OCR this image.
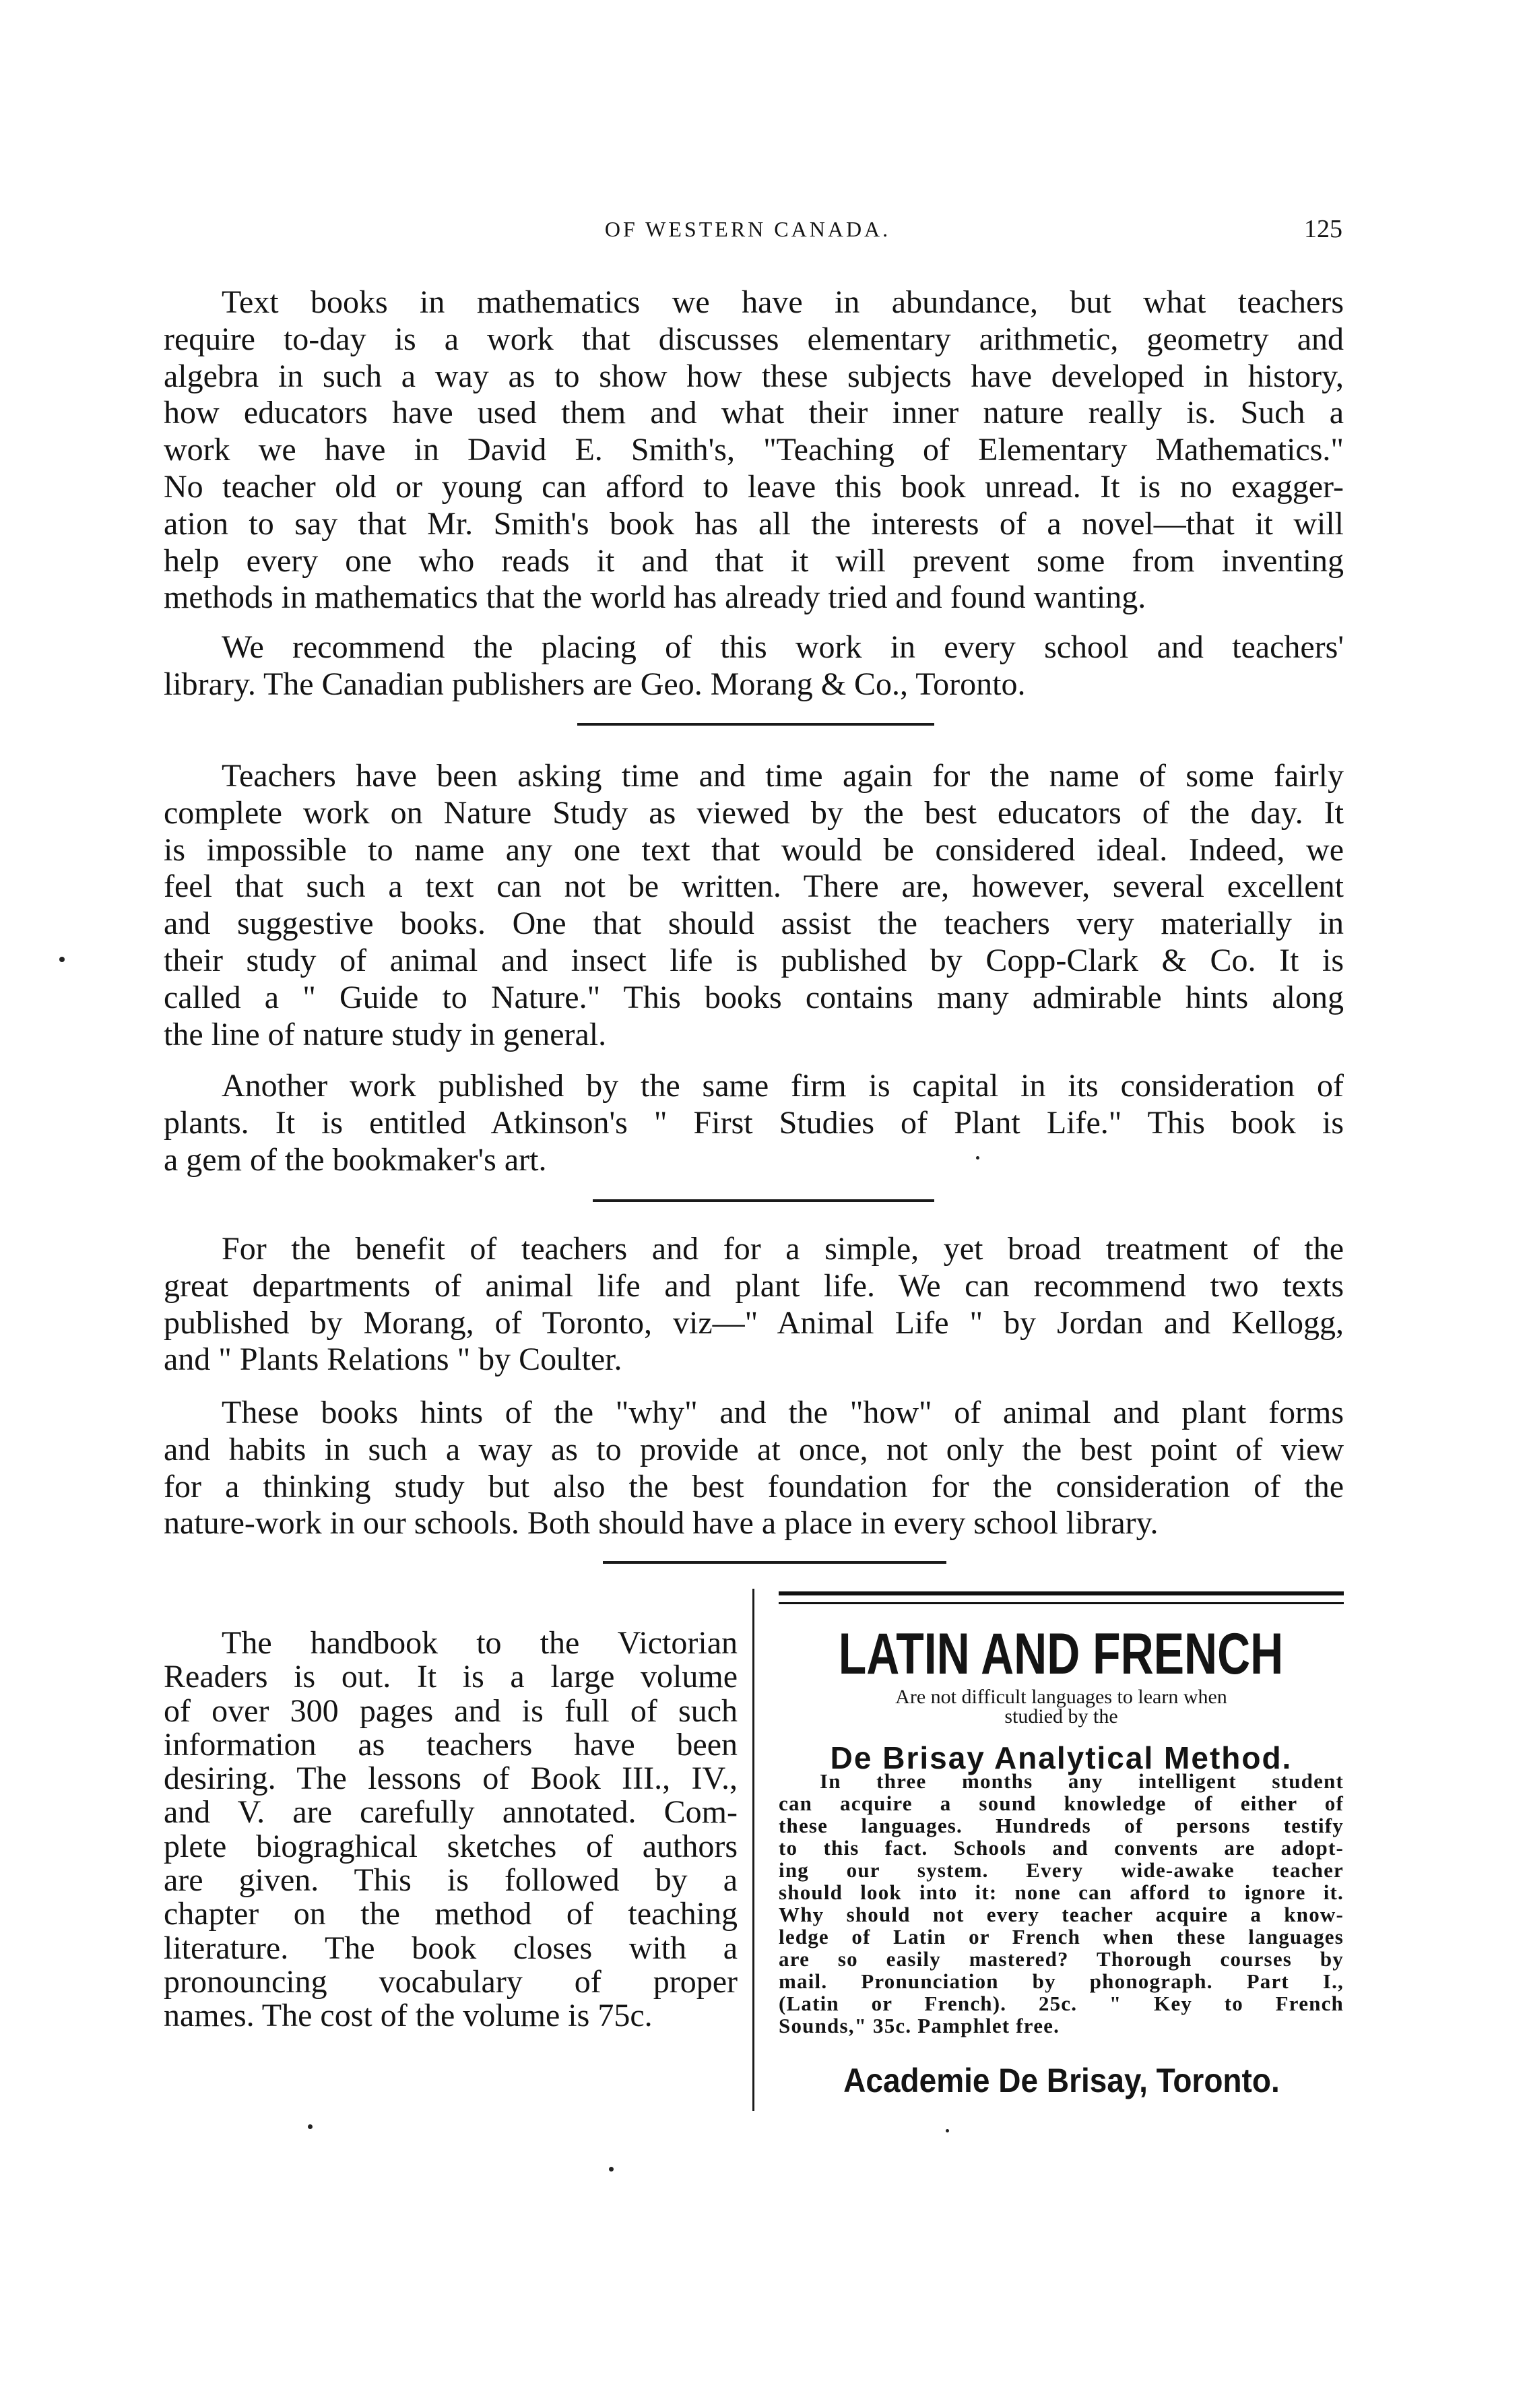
OF WESTERN CANADA.	125
Text books in mathematics we have in abundance, but what teachers
require to-day is a work that discusses elementary arithmetic, geometry and
algebra in such a way as to show how these subjects have developed in history,
how educators have used them and what their inner nature really is. Such a
work we have in David E. Smith's, "Teaching of Elementary Mathematics."
No teacher old or young can afford to leave this book unread. It is no exagger-
ation to say that Mr. Smith's book has all the interests of a novel—that it will
help every one who reads it and that it will prevent some from inventing
methods in mathematics that the world has already tried and found wanting.
We recommend the placing of this work in every school and teachers'
library. The Canadian publishers are Geo. Morang & Co., Toronto.
Teachers have been asking time and time again for the name of some fairly
complete work on Nature Study as viewed by the best educators of the day. It
is impossible to name any one text that would be considered ideal. Indeed, we
feel that such a text can not be written. There are, however, several excellent
and suggestive books. One that should assist the teachers very materially in
their study of animal and insect life is published by Copp-Clark & Co. It is
called a " Guide to Nature." This books contains many admirable hints along
the line of nature study in general.
Another work published by the same firm is capital in its consideration of
plants. It is entitled Atkinson's " First Studies of Plant Life." This book is
a gem of the bookmaker's art.
For the benefit of teachers and for a simple, yet broad treatment of the
great departments of animal life and plant life. We can recommend two texts
published by Morang, of Toronto, viz—" Animal Life " by Jordan and Kellogg,
and " Plants Relations " by Coulter.
These books hints of the "why" and the "how" of animal and plant forms
and habits in such a way as to provide at once, not only the best point of view
for a thinking study but also the best foundation for the consideration of the
nature-work in our schools. Both should have a place in every school library.
The handbook to the Victorian
Readers is out. It is a large volume
of over 300 pages and is full of such
information as teachers have been
desiring. The lessons of Book III., IV.,
and V. are carefully annotated. Com-
plete biograghical sketches of authors
are given. This is followed by a
chapter on the method of teaching
literature. The book closes with a
pronouncing vocabulary of proper
names. The cost of the volume is 75c.
LATIN AND FRENCH
Are not difficult languages to learn when
studied by the
De Brisay Analytical Method.
In three months any intelligent student
can acquire a sound knowledge of either of
these languages. Hundreds of persons testify
to this fact. Schools and convents are adopt-
ing our system. Every wide-awake teacher
should look into it: none can afford to ignore it.
Why should not every teacher acquire a know-
ledge of Latin or French when these languages
are so easily mastered? Thorough courses by
mail. Pronunciation by phonograph. Part I.,
(Latin or French). 25c. " Key to French
Sounds," 35c. Pamphlet free.
Academie De Brisay, Toronto.
